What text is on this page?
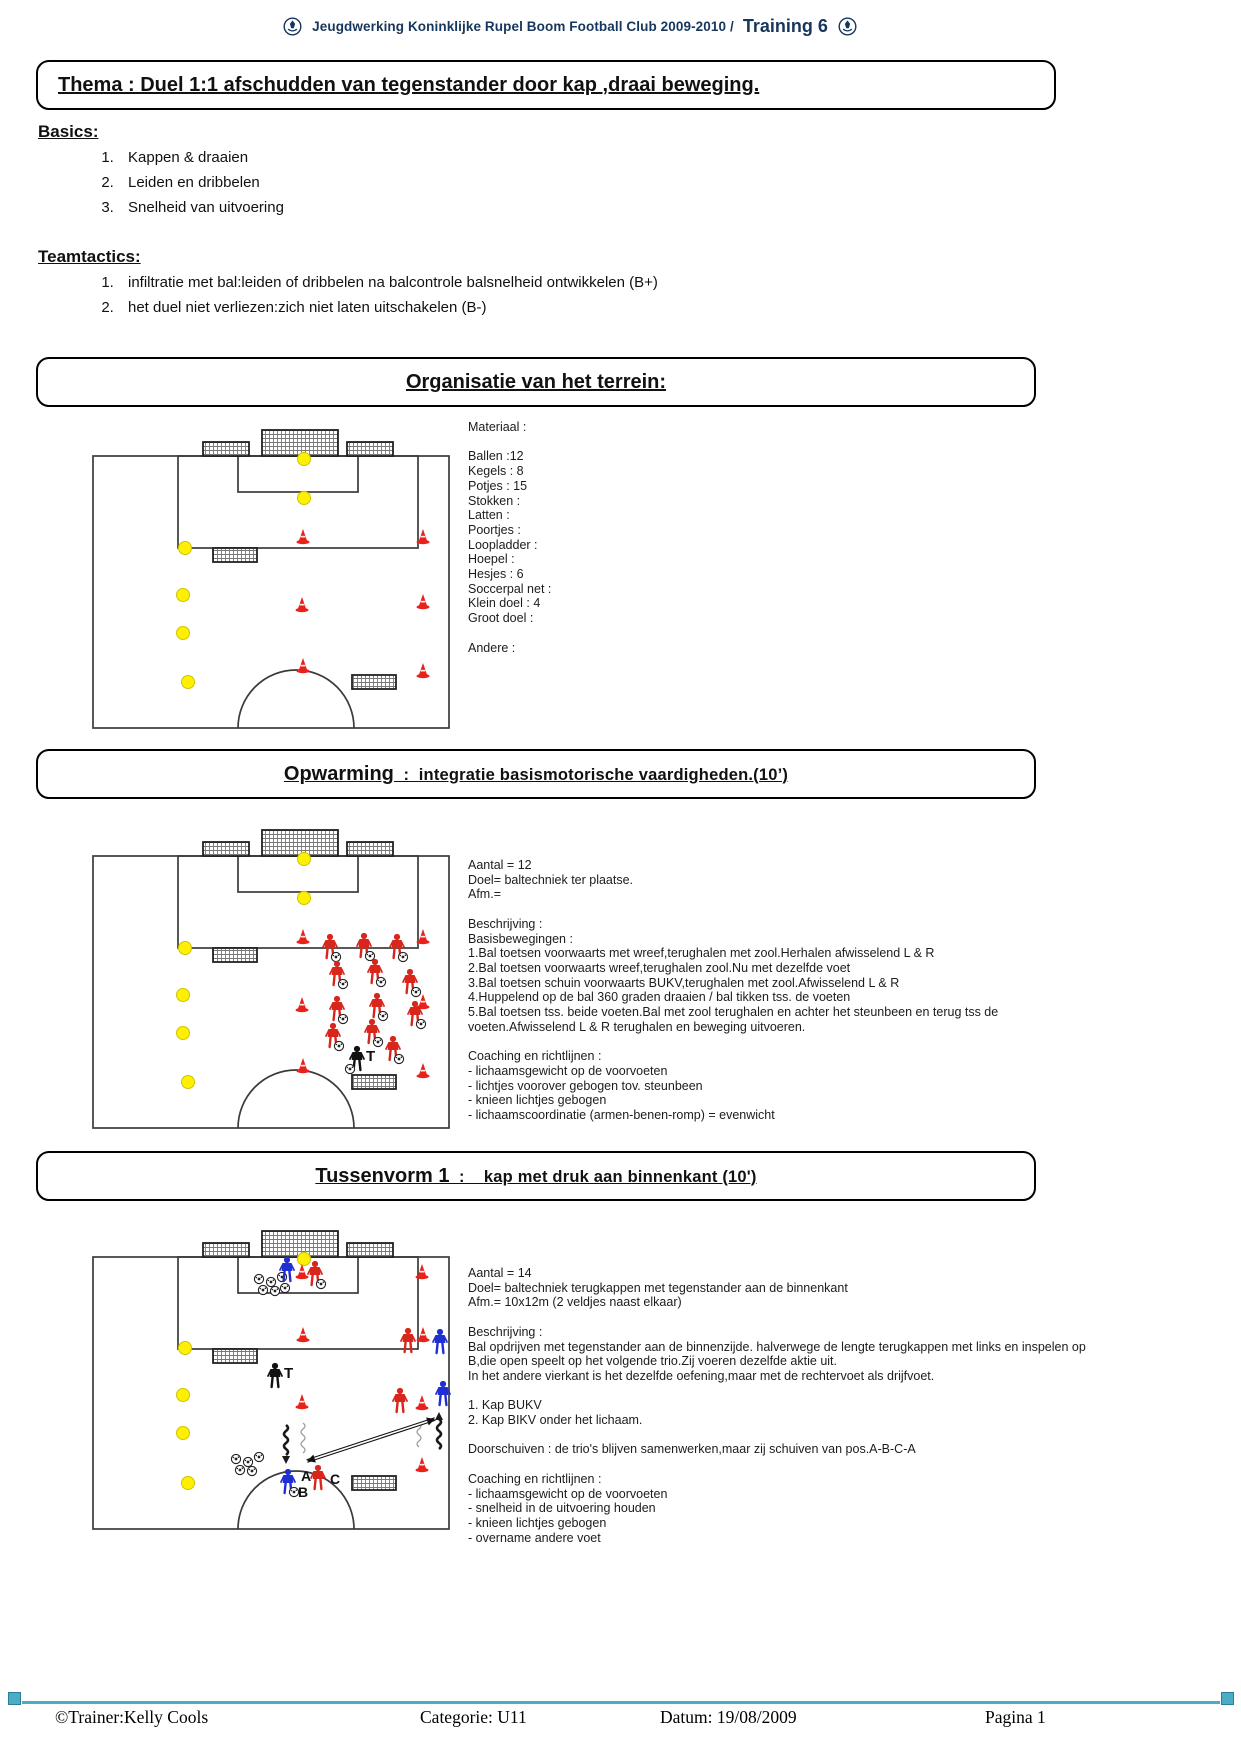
Jeugdwerking Koninklijke Rupel Boom Football Club 2009-2010 / Training 6
Thema : Duel 1:1 afschudden van tegenstander door kap ,draai beweging.
Basics:
1. Kappen & draaien
2. Leiden en dribbelen
3. Snelheid van uitvoering
Teamtactics:
1. infiltratie met bal:leiden of dribbelen na balcontrole balsnelheid ontwikkelen (B+)
2. het duel niet verliezen:zich niet laten uitschakelen (B-)
Organisatie van het terrein:
Materiaal :

Ballen :12
Kegels : 8
Potjes : 15
Stokken :
Latten :
Poortjes :
Loopladder :
Hoepel :
Hesjes : 6
Soccerpal net :
Klein doel : 4
Groot doel :

Andere :
Opwarming  :  integratie basismotorische vaardigheden.(10’)
T
Aantal = 12
Doel= baltechniek ter plaatse.
Afm.=

Beschrijving :
Basisbewegingen :
1.Bal toetsen voorwaarts met wreef,terughalen met zool.Herhalen afwisselend L & R
2.Bal toetsen voorwaarts wreef,terughalen zool.Nu met dezelfde voet
3.Bal toetsen schuin voorwaarts BUKV,terughalen met zool.Afwisselend L & R
4.Huppelend op de bal 360 graden draaien / bal tikken tss. de voeten
5.Bal toetsen tss. beide voeten.Bal met zool terughalen en achter het steunbeen en terug tss de voeten.Afwisselend L & R terughalen en beweging uitvoeren.

Coaching en richtlijnen :
- lichaamsgewicht op de voorvoeten
- lichtjes voorover gebogen tov. steunbeen
- knieen lichtjes gebogen
- lichaamscoordinatie (armen-benen-romp) = evenwicht
Tussenvorm 1  :    kap met druk aan binnenkant (10')
T
A
B
C
Aantal = 14
Doel= baltechniek terugkappen met tegenstander aan de binnenkant
Afm.= 10x12m (2 veldjes naast elkaar)

Beschrijving :
Bal opdrijven met tegenstander aan de binnenzijde. halverwege de lengte terugkappen met links en inspelen op B,die open speelt op het volgende trio.Zij voeren dezelfde aktie uit.
In het andere vierkant is het dezelfde oefening,maar met de rechtervoet als drijfvoet.

1. Kap BUKV
2. Kap BIKV onder het lichaam.

Doorschuiven : de trio's blijven samenwerken,maar zij schuiven van pos.A-B-C-A

Coaching en richtlijnen :
- lichaamsgewicht op de voorvoeten
- snelheid in de uitvoering houden
- knieen lichtjes gebogen
- overname andere voet
©Trainer:Kelly Cools	Categorie: U11	Datum: 19/08/2009	Pagina 1
